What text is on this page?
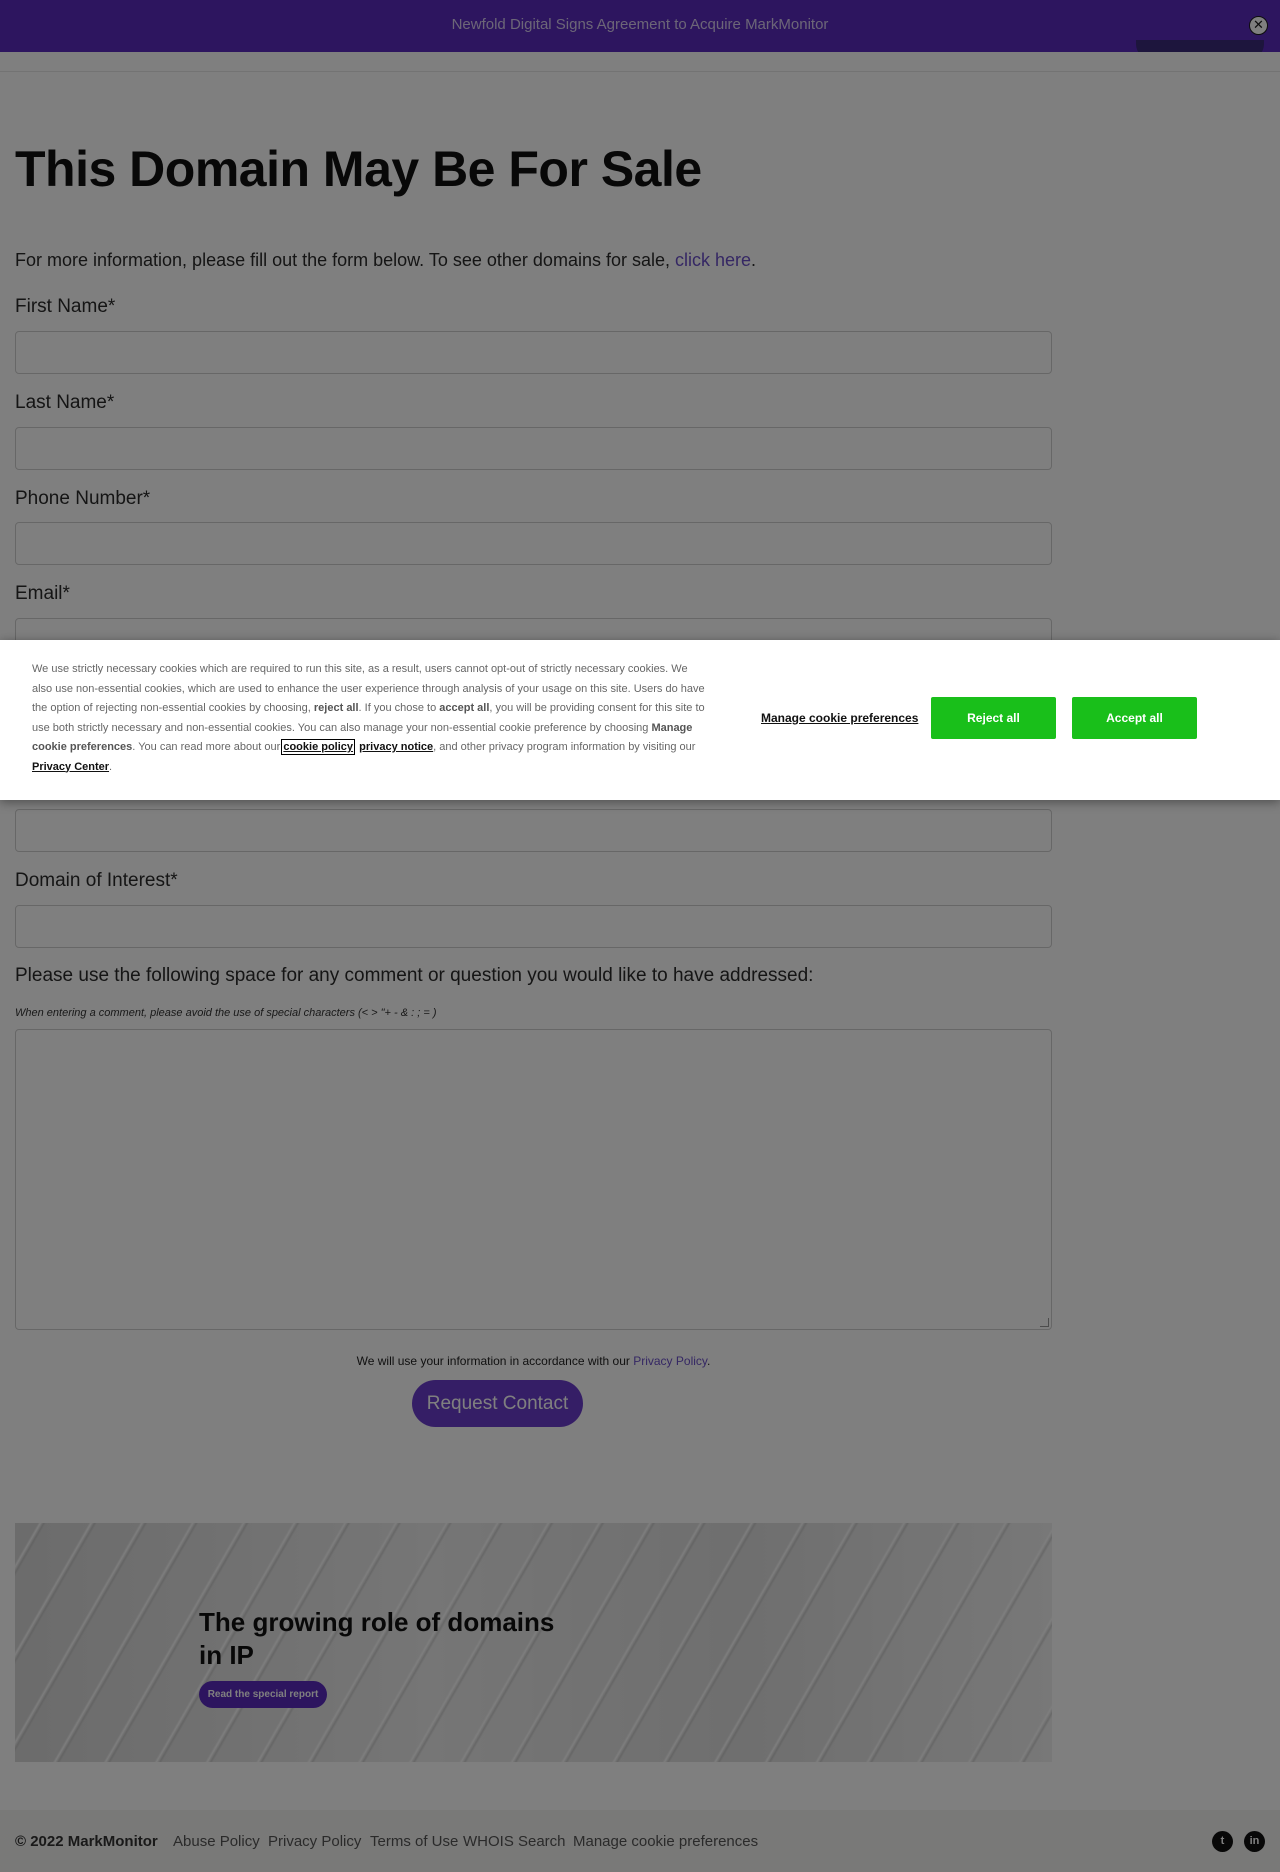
We use strictly necessary cookies which are required to run this site, as a result, users cannot opt-out of strictly necessary cookies. We also use non-essential cookies, which are used to enhance the user experience through analysis of your usage on this site. Users do have the option of rejecting non-essential cookies by choosing, reject all. If you chose to accept all, you will be providing consent for this site to use both strictly necessary and non-essential cookies. You can also manage your non-essential cookie preference by choosing Manage cookie preferences. You can read more about our cookie policy privacy notice, and other privacy program information by visiting our Privacy Center.

Manage cookie preferences	Reject all	Accept all
